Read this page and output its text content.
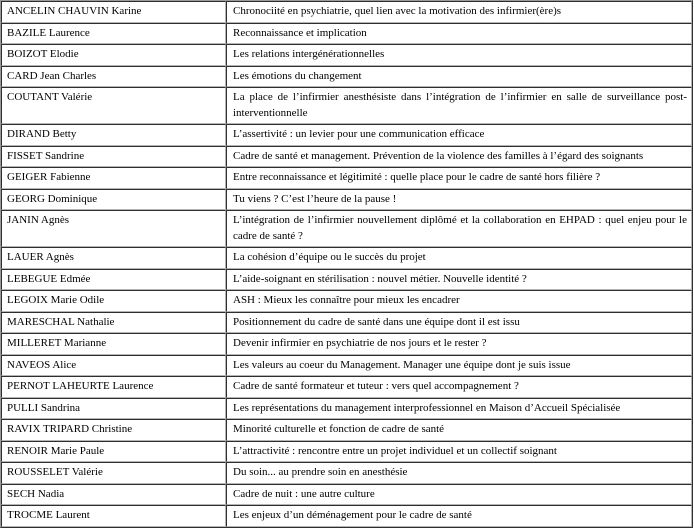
ANCELIN CHAUVIN Karine	Chronociité en psychiatrie, quel lien avec la motivation des infirmier(ère)s
BAZILE Laurence	Reconnaissance et implication
BOIZOT Elodie	Les relations intergénérationnelles
CARD Jean Charles	Les émotions du changement
COUTANT Valérie	La place de l’infirmier anesthésiste dans l’intégration de l’infirmier en salle de surveillance post-interventionnelle
DIRAND Betty	L’assertivité : un levier pour une communication efficace
FISSET Sandrine	Cadre de santé et management. Prévention de la violence des familles à l’égard des soignants
GEIGER Fabienne	Entre reconnaissance et légitimité : quelle place pour le cadre de santé hors filière ?
GEORG Dominique	Tu viens ? C’est l’heure de la pause !
JANIN Agnès	L’intégration de l’infirmier nouvellement diplômé et la collaboration en EHPAD : quel enjeu pour le cadre de santé ?
LAUER Agnès	La cohésion d’équipe ou le succès du projet
LEBEGUE Edmée	L’aide-soignant en stérilisation : nouvel métier. Nouvelle identité ?
LEGOIX Marie Odile	ASH : Mieux les connaître pour mieux les encadrer
MARESCHAL Nathalie	Positionnement du cadre de santé dans une équipe dont il est issu
MILLERET Marianne	Devenir infirmier en psychiatrie de nos jours et le rester ?
NAVEOS Alice	Les valeurs au coeur du Management. Manager une équipe dont je suis issue
PERNOT LAHEURTE Laurence	Cadre de santé formateur et tuteur : vers quel accompagnement ?
PULLI Sandrina	Les représentations du management interprofessionnel en Maison d’Accueil Spécialisée
RAVIX TRIPARD Christine	Minorité culturelle et fonction de cadre de santé
RENOIR Marie Paule	L’attractivité : rencontre entre un projet individuel et un collectif soignant
ROUSSELET Valérie	Du soin... au prendre soin en anesthésie
SECH Nadia	Cadre de nuit : une autre culture
TROCME Laurent	Les enjeux d’un déménagement pour le cadre de santé
